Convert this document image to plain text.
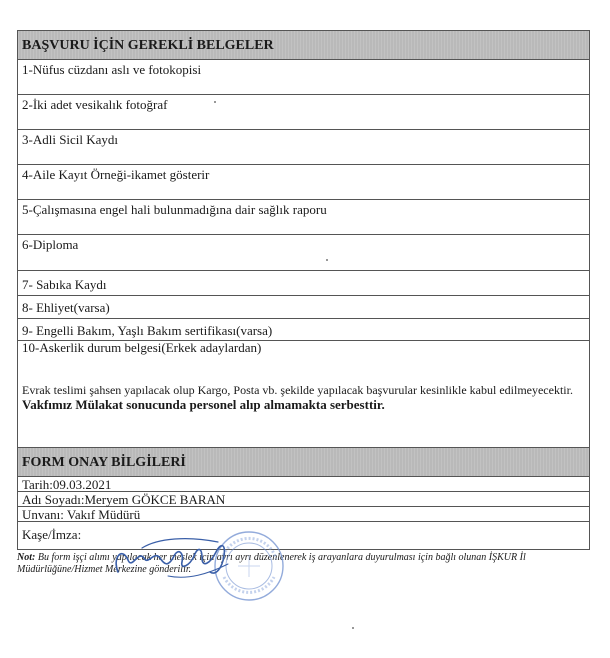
BAŞVURU İÇİN GEREKLİ BELGELER
1-Nüfus cüzdanı aslı ve fotokopisi
2-İki adet vesikalık fotoğraf
3-Adli Sicil Kaydı
4-Aile Kayıt Örneği-ikamet gösterir
5-Çalışmasına engel hali bulunmadığına dair sağlık raporu
6-Diploma
7- Sabıka Kaydı
8- Ehliyet(varsa)
9- Engelli Bakım, Yaşlı Bakım sertifikası(varsa)
10-Askerlik durum belgesi(Erkek adaylardan)
Evrak teslimi şahsen yapılacak olup Kargo, Posta vb. şekilde yapılacak başvurular kesinlikle kabul edilmeyecektir.
Vakfımız Mülakat sonucunda personel alıp almamakta serbesttir.
FORM ONAY BİLGİLERİ
Tarih:09.03.2021
Adı Soyadı:Meryem GÖKCE BARAN
Unvanı: Vakıf Müdürü
Kaşe/İmza:
Not: Bu form işçi alımı yapılacak her meslek için ayrı ayrı düzenlenerek iş arayanlara duyurulması için bağlı olunan İŞKUR İl Müdürlüğüne/Hizmet Merkezine gönderilir.
